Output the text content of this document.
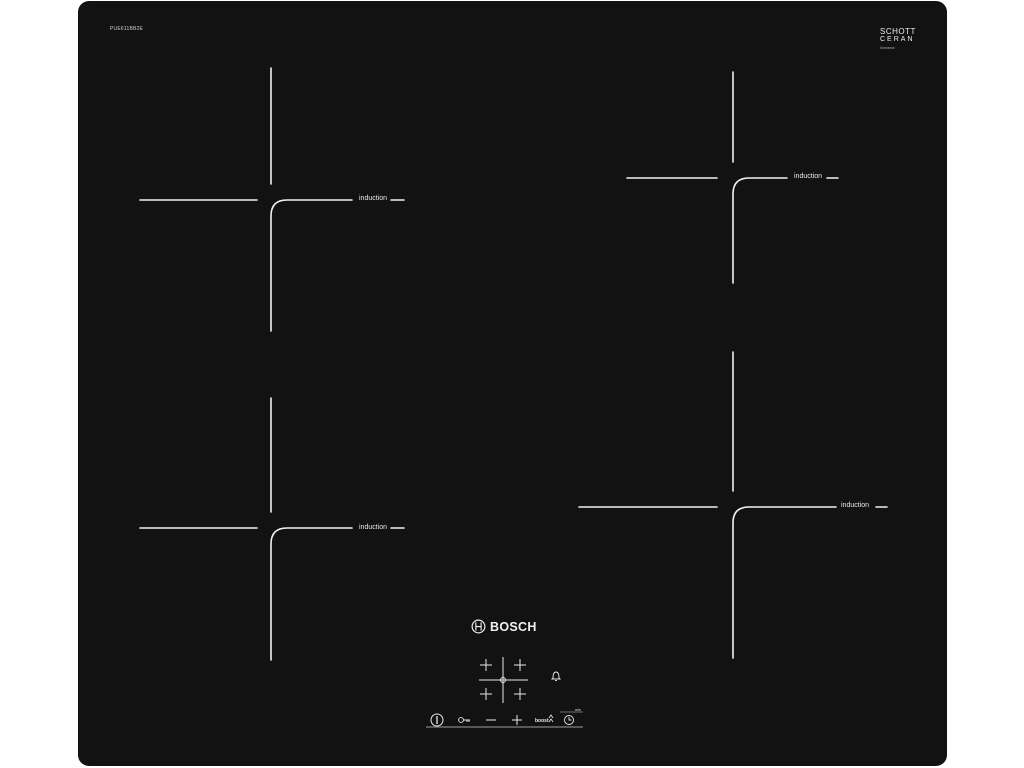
PUE611BB2E	SCHOTT
CERAN
Xxxxxxxx
induction
induction
induction
induction
min
boost
BOSCH
